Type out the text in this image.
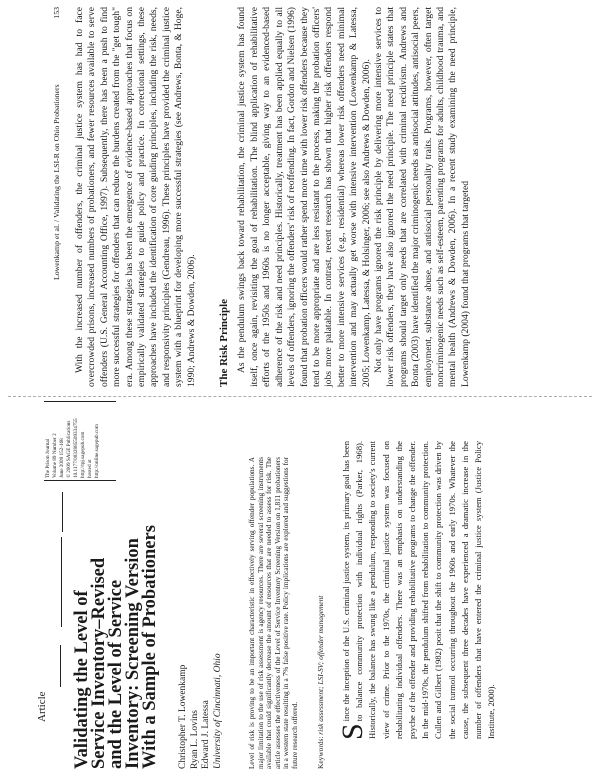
Article
The Prison Journal Volume 89 Number 2 June 2009 152-168 © 2009 SAGE Publications 10.1177/0032885509334755 http://tpj.sagepub.com hosted at http://online.sagepub.com
Validating the Level of
Service Inventory–Revised
and the Level of Service
Inventory: Screening Version
With a Sample of Probationers Christopher T. Lowenkamp Ryan L. Lovins Edward J. Latessa University of Cincinnati, Ohio	Level of risk is proving to be an important characteristic in effectively serving offender populations. A major limitation to the use of risk assessment is agency resources. There are several screening instruments available that could significantly decrease the amount of resources that are needed to assess for risk. The article assesses the effectiveness of the Level of Service Inventory Screening Version on 1,811 probationers in a western state resulting in a 7% false positive rate. Policy implications are explored and suggestions for future research offered. Keywords: risk assessment; LSI-SV; offender management S
ince the inception of the U.S. criminal justice system, its primary goal has been to balance community protection with individual rights (Parker, 1968). Historically, the balance has swung like a pendulum, responding to society's current view of crime. Prior to the 1970s, the criminal justice system was focused on rehabilitating individual offenders. There was an emphasis on understanding the psyche of the offender and providing rehabilitative programs to change the offender. In the mid-1970s, the pendulum shifted from rehabilitation to community protection. Cullen and Gilbert (1982) posit that the shift to community protection was driven by the social turmoil occurring throughout the 1960s and early 1970s. Whatever the cause, the subsequent three decades have experienced a dramatic increase in the number of offenders that have entered the criminal justice system (Justice Policy Institute, 2000).
Lowenkamp et al. / Validating the LSI-R on Ohio Probationers
153 With the increased number of offenders, the criminal justice system has had to face overcrowded prisons, increased numbers of probationers, and fewer resources available to serve offenders (U.S. General Accounting Office, 1997). Subsequently, there has been a push to find more successful strategies for offenders that can reduce the burdens created from the "get tough" era. Among these strategies has been the emergence of evidence-based approaches that focus on empirically validated strategies to guide policy and practice. In correctional settings, these approaches have included the identification of core guiding principles, including the risk, needs, and responsivity principles (Gendreau, 1996). These principles have provided the criminal justice system with a blueprint for developing more successful strategies (see Andrews, Bonta, & Hoge, 1990; Andrews & Dowden, 2006). The Risk Principle As the pendulum swings back toward rehabilitation, the criminal justice system has found itself, once again, revisiting the goal of rehabilitation. The blind application of rehabilitative efforts of the 1950s and 1960s is no longer acceptable, giving way to an evidenced-based adherence of the risk and need principles. Historically, treatment has been applied equally to all levels of offenders, ignoring the offenders' risk of reoffending. In fact, Gordon and Nielsen (1996) found that probation officers would rather spend more time with lower risk offenders because they tend to be more appropriate and are less resistant to the process, making the probation officers' jobs more palatable. In contrast, recent research has shown that higher risk offenders respond better to more intensive services (e.g., residential) whereas lower risk offenders need minimal intervention and may actually get worse with intensive intervention (Lowenkamp & Latessa, 2005; Lowenkamp, Latessa, & Holsinger, 2006; see also Andrews & Dowden, 2006). Not only have programs ignored the risk principle by delivering more intensive services to lower risk offenders, they have also ignored the need principle. The need principle states that programs should target only needs that are correlated with criminal recidivism. Andrews and Bonta (2003) have identified the major criminogenic needs as antisocial attitudes, antisocial peers, employment, substance abuse, and antisocial personality traits. Programs, however, often target noncriminogenic needs such as self-esteem, parenting programs for adults, childhood trauma, and mental health (Andrews & Dowden, 2006). In a recent study examining the need principle, Lowenkamp (2004) found that programs that targeted
